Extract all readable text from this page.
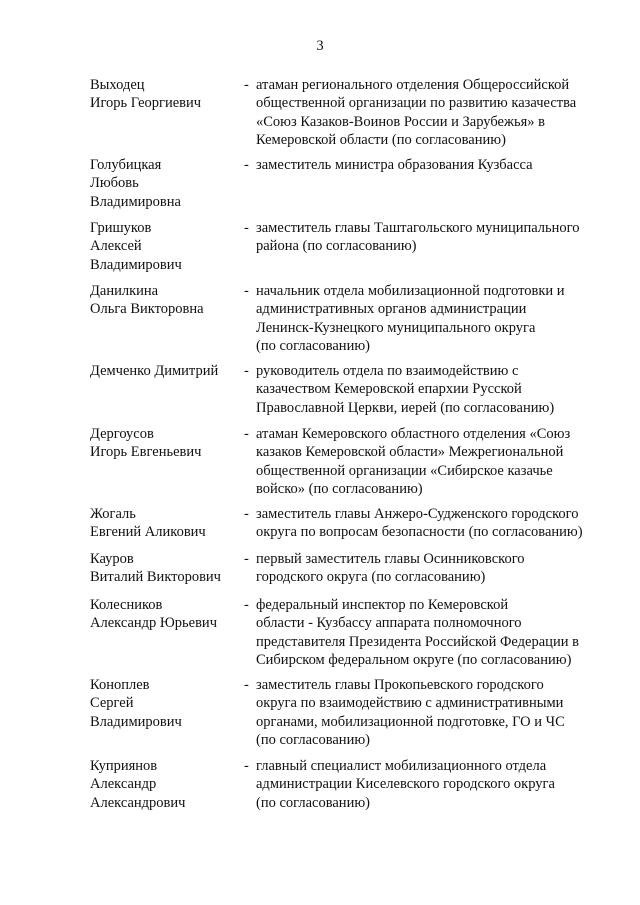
3
Выходец
Игорь Георгиевич
- атаман регионального отделения Общероссийской
общественной организации по развитию казачества
«Союз Казаков-Воинов России и Зарубежья» в
Кемеровской области (по согласованию)
Голубицкая
Любовь
Владимировна
- заместитель министра образования Кузбасса
Гришуков
Алексей
Владимирович
- заместитель главы Таштагольского муниципального
района (по согласованию)
Данилкина
Ольга Викторовна
- начальник отдела мобилизационной подготовки и
административных органов администрации
Ленинск-Кузнецкого муниципального округа
(по согласованию)
Демченко Димитрий	- руководитель отдела по взаимодействию с
казачеством Кемеровской епархии Русской
Православной Церкви, иерей (по согласованию)
Дергоусов
Игорь Евгеньевич
- атаман Кемеровского областного отделения «Союз
казаков Кемеровской области» Межрегиональной
общественной организации «Сибирское казачье
войско» (по согласованию)
Жогаль
Евгений Аликович
- заместитель главы Анжеро-Судженского городского
округа по вопросам безопасности (по согласованию)
Кауров
Виталий Викторович
- первый заместитель главы Осинниковского
городского округа (по согласованию)
Колесников
Александр Юрьевич
- федеральный инспектор по Кемеровской
области - Кузбассу аппарата полномочного
представителя Президента Российской Федерации в
Сибирском федеральном округе (по согласованию)
Коноплев
Сергей
Владимирович
- заместитель главы Прокопьевского городского
округа по взаимодействию с административными
органами, мобилизационной подготовке, ГО и ЧС
(по согласованию)
Куприянов
Александр
Александрович
- главный специалист мобилизационного отдела
администрации Киселевского городского округа
(по согласованию)
